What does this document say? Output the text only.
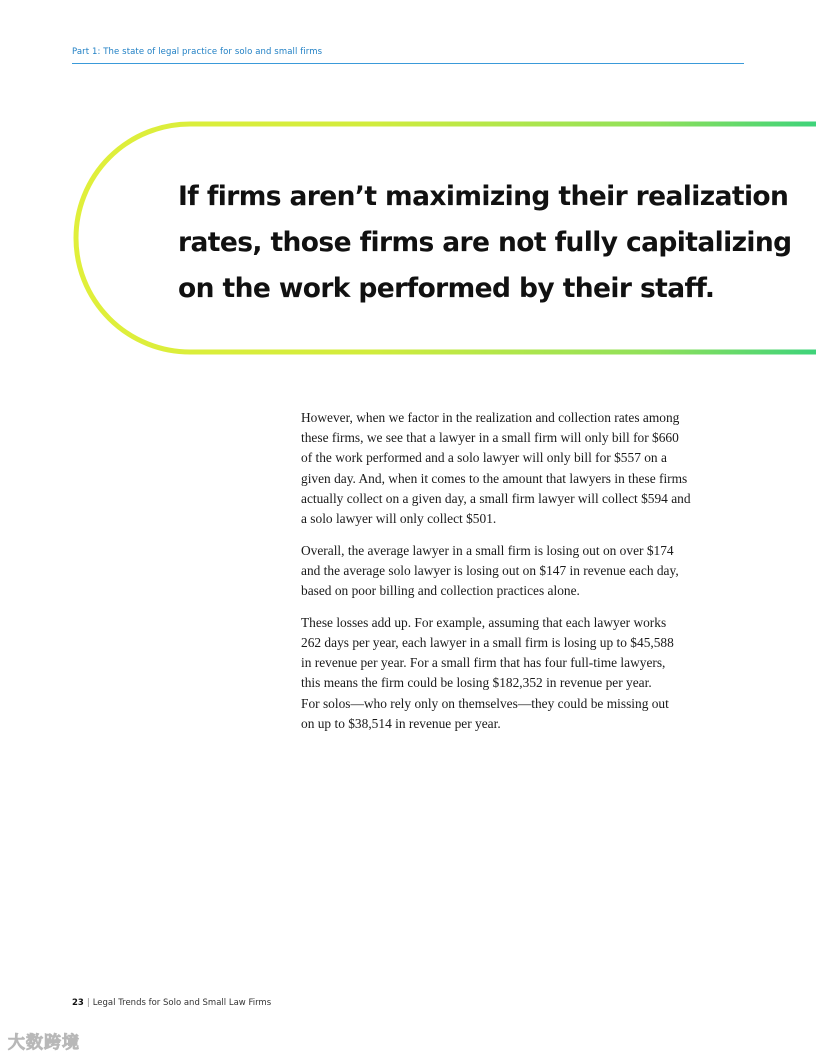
Part 1: The state of legal practice for solo and small firms
If firms aren’t maximizing their realization
rates, those firms are not fully capitalizing
on the work performed by their staff.

However, when we factor in the realization and collection rates among
these firms, we see that a lawyer in a small firm will only bill for $660
of the work performed and a solo lawyer will only bill for $557 on a
given day. And, when it comes to the amount that lawyers in these firms
actually collect on a given day, a small firm lawyer will collect $594 and
a solo lawyer will only collect $501.

Overall, the average lawyer in a small firm is losing out on over $174
and the average solo lawyer is losing out on $147 in revenue each day,
based on poor billing and collection practices alone.

These losses add up. For example, assuming that each lawyer works
262 days per year, each lawyer in a small firm is losing up to $45,588
in revenue per year. For a small firm that has four full-time lawyers,
this means the firm could be losing $182,352 in revenue per year.
For solos—who rely only on themselves—they could be missing out
on up to $38,514 in revenue per year.

23 | Legal Trends for Solo and Small Law Firms
大数跨境
